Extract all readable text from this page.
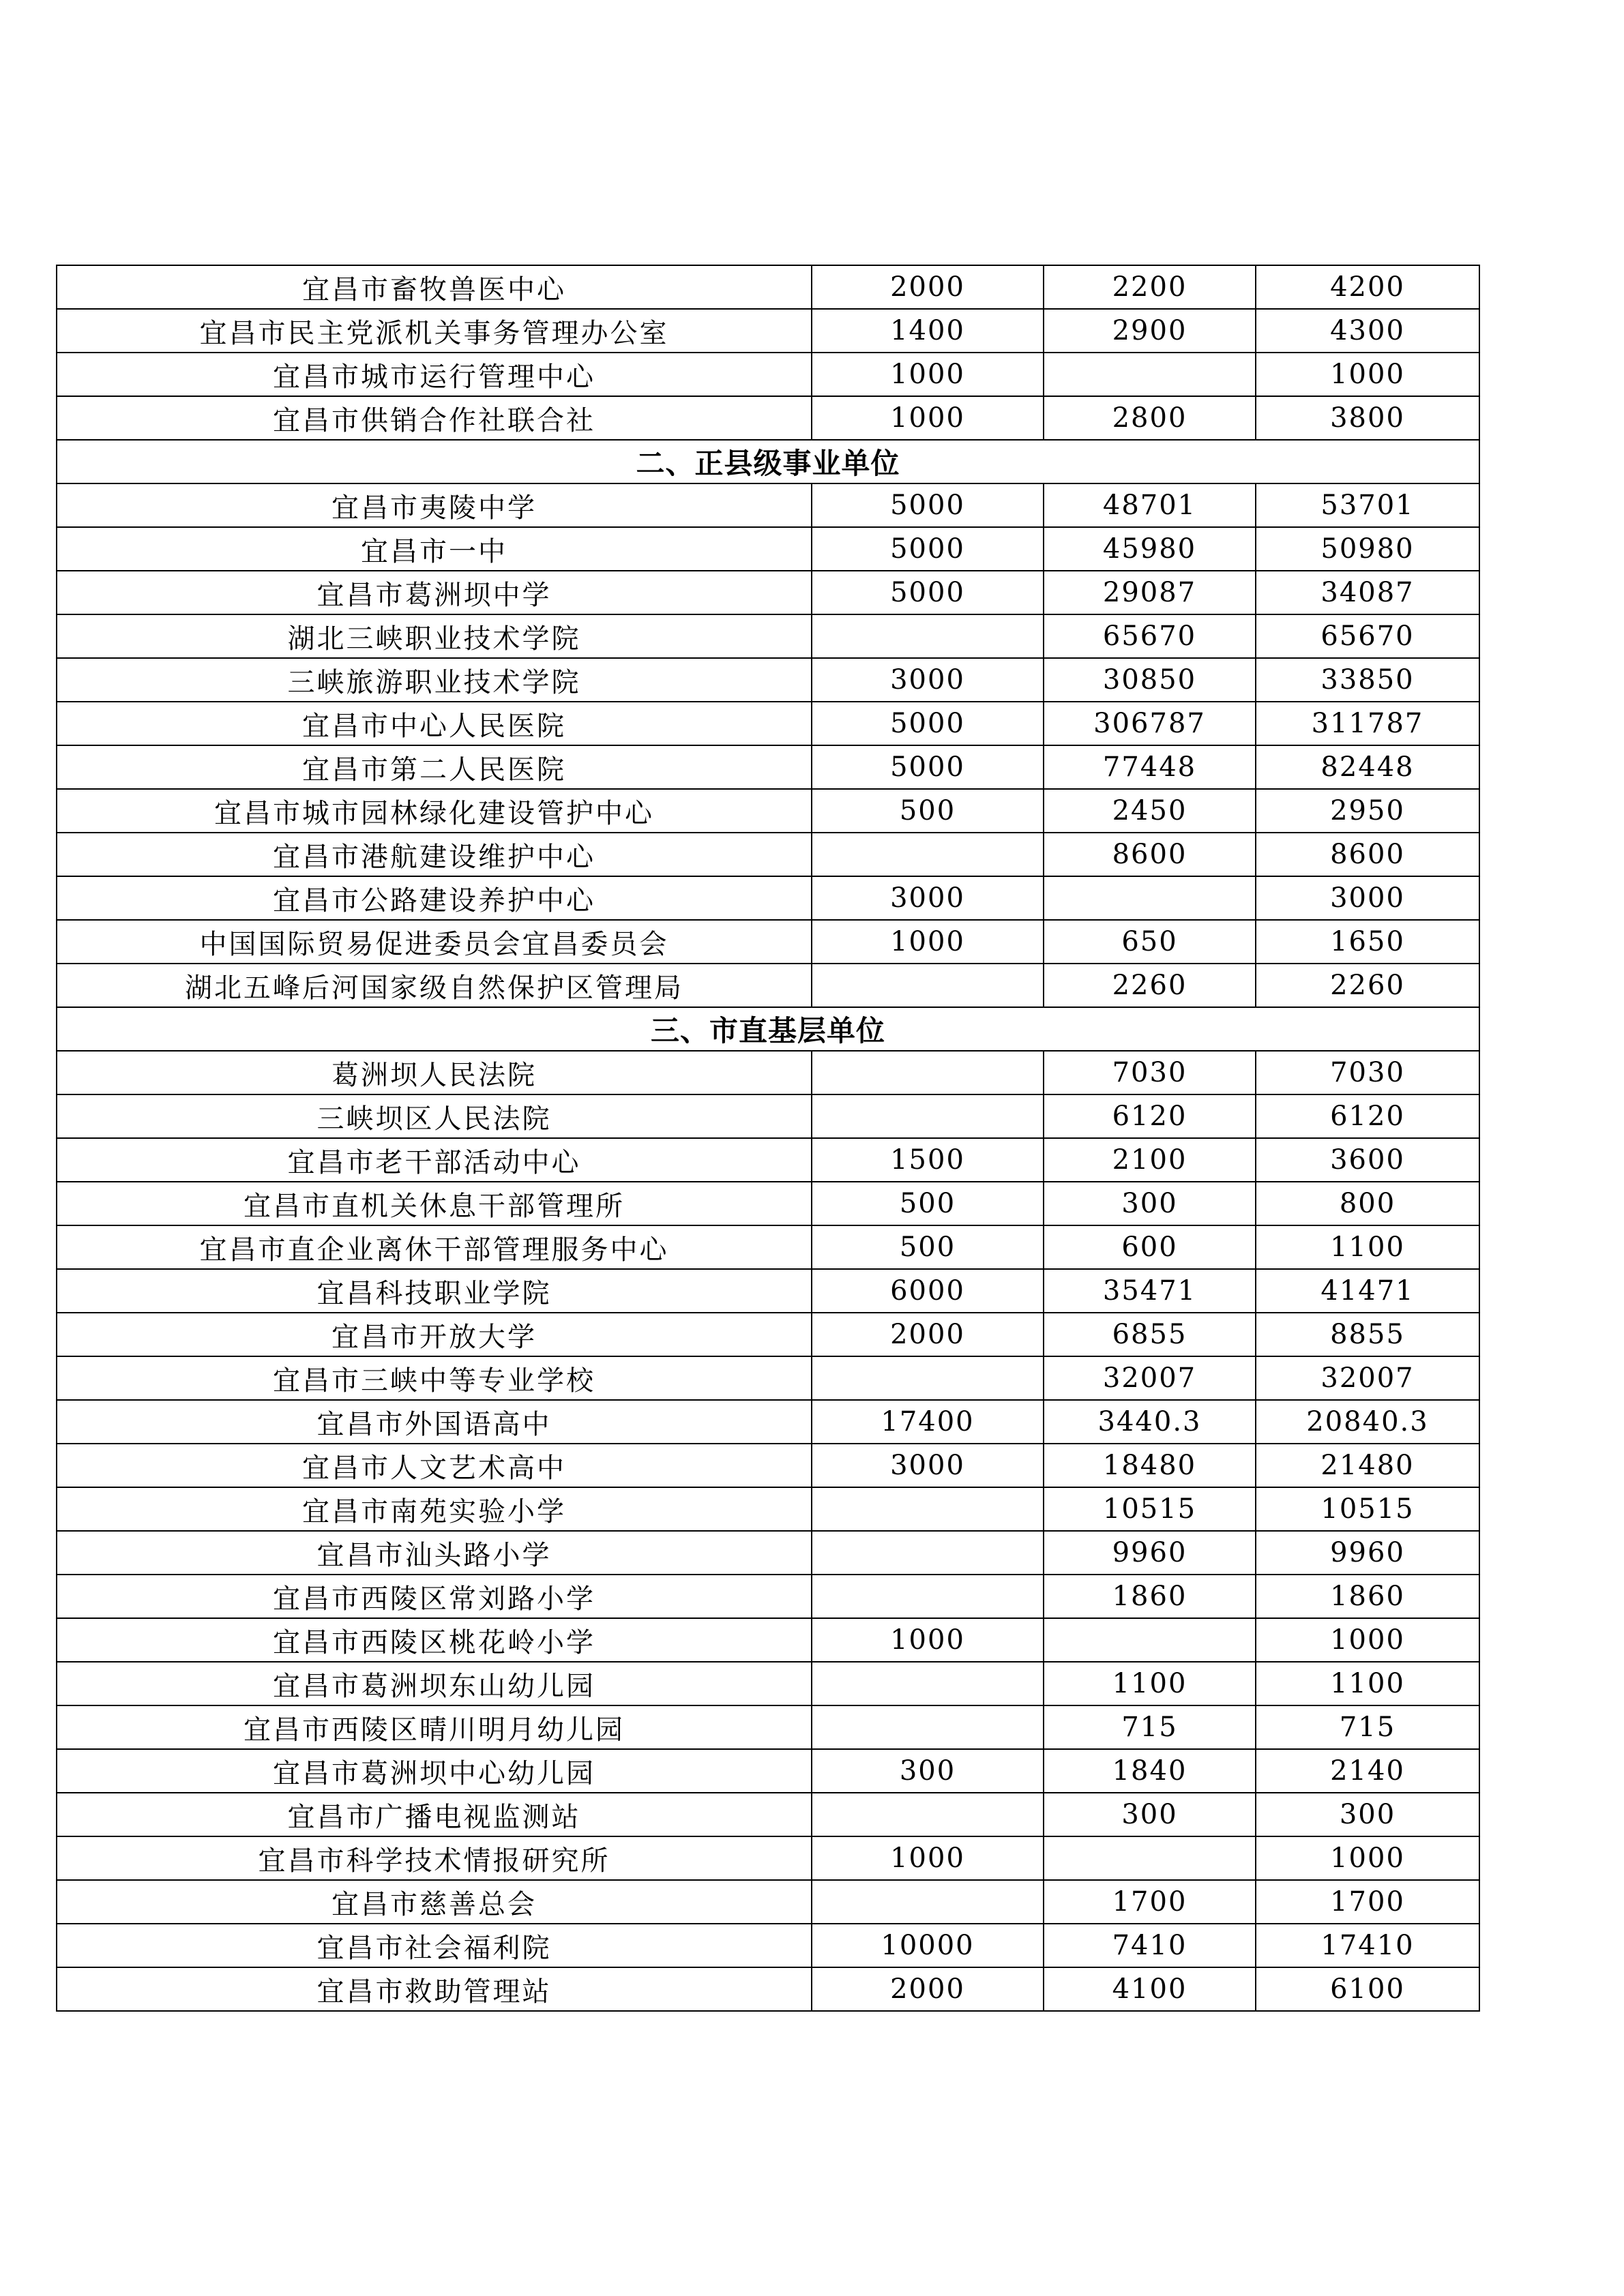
宜昌市畜牧兽医中心	2000	2200	4200
宜昌市民主党派机关事务管理办公室	1400	2900	4300
宜昌市城市运行管理中心	1000		1000
宜昌市供销合作社联合社	1000	2800	3800
二、正县级事业单位			
宜昌市夷陵中学	5000	48701	53701
宜昌市一中	5000	45980	50980
宜昌市葛洲坝中学	5000	29087	34087
湖北三峡职业技术学院		65670	65670
三峡旅游职业技术学院	3000	30850	33850
宜昌市中心人民医院	5000	306787	311787
宜昌市第二人民医院	5000	77448	82448
宜昌市城市园林绿化建设管护中心	500	2450	2950
宜昌市港航建设维护中心		8600	8600
宜昌市公路建设养护中心	3000		3000
中国国际贸易促进委员会宜昌委员会	1000	650	1650
湖北五峰后河国家级自然保护区管理局		2260	2260
三、市直基层单位			
葛洲坝人民法院		7030	7030
三峡坝区人民法院		6120	6120
宜昌市老干部活动中心	1500	2100	3600
宜昌市直机关休息干部管理所	500	300	800
宜昌市直企业离休干部管理服务中心	500	600	1100
宜昌科技职业学院	6000	35471	41471
宜昌市开放大学	2000	6855	8855
宜昌市三峡中等专业学校		32007	32007
宜昌市外国语高中	17400	3440.3	20840.3
宜昌市人文艺术高中	3000	18480	21480
宜昌市南苑实验小学		10515	10515
宜昌市汕头路小学		9960	9960
宜昌市西陵区常刘路小学		1860	1860
宜昌市西陵区桃花岭小学	1000		1000
宜昌市葛洲坝东山幼儿园		1100	1100
宜昌市西陵区晴川明月幼儿园		715	715
宜昌市葛洲坝中心幼儿园	300	1840	2140
宜昌市广播电视监测站		300	300
宜昌市科学技术情报研究所	1000		1000
宜昌市慈善总会		1700	1700
宜昌市社会福利院	10000	7410	17410
宜昌市救助管理站	2000	4100	6100
